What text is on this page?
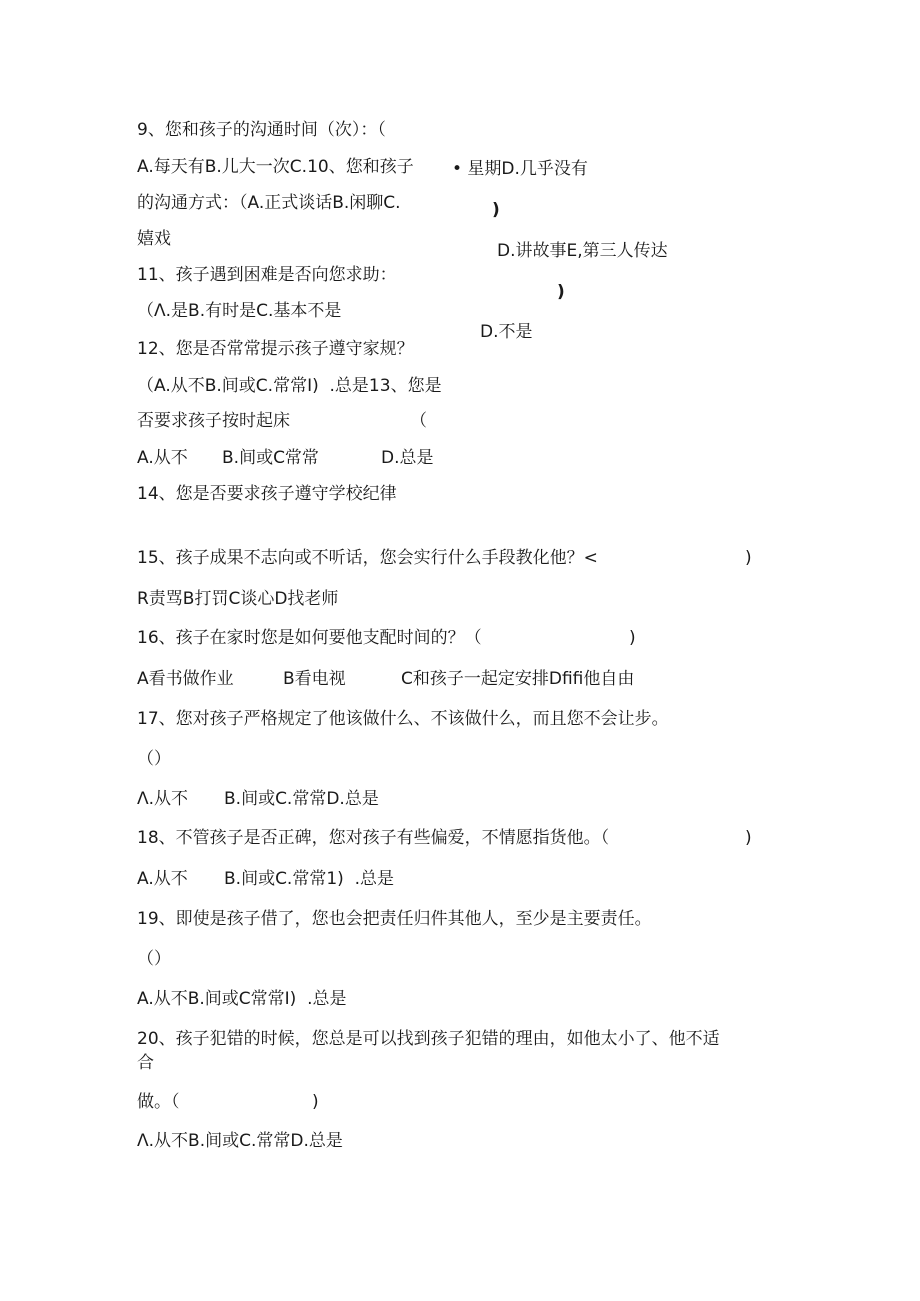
9、您和孩子的沟通时间（次）：（
A.每天有B.儿大一次C.10、您和孩子 • 星期D.几乎没有
的沟通方式：（A.正式谈话B.闲聊C.	)
嬉戏
D.讲故事E,第三人传达
11、孩子遇到困难是否向您求助：
)
（Λ.是B.有时是C.基本不是
D.不是
12、您是否常常提示孩子遵守家规？
（A.从不B.间或C.常常I)  .总是13、您是
否要求孩子按时起床	（
A.从不 B.间或C常常	D.总是
14、您是否要求孩子遵守学校纪律
15、孩子成果不志向或不听话，您会实行什么手段教化他？<	)
R责骂B打罚C谈心D找老师
16、孩子在家时您是如何要他支配时间的？（	)
A看书做作业	B看电视	C和孩子一起定安排Dfifi他自由
17、您对孩子严格规定了他该做什么、不该做什么，而且您不会让步。
（）
Λ.从不 B.间或C.常常D.总是
18、不管孩子是否正碑，您对孩子有些偏爱，不情愿指货他。（	)
A.从不 B.间或C.常常1)  .总是
19、即使是孩子借了，您也会把责任归件其他人，至少是主要责任。
（）
A.从不B.间或C常常I)  .总是
20、孩子犯错的时候，您总是可以找到孩子犯错的理由，如他太小了、他不适
合
做。（	)
Λ.从不B.间或C.常常D.总是
